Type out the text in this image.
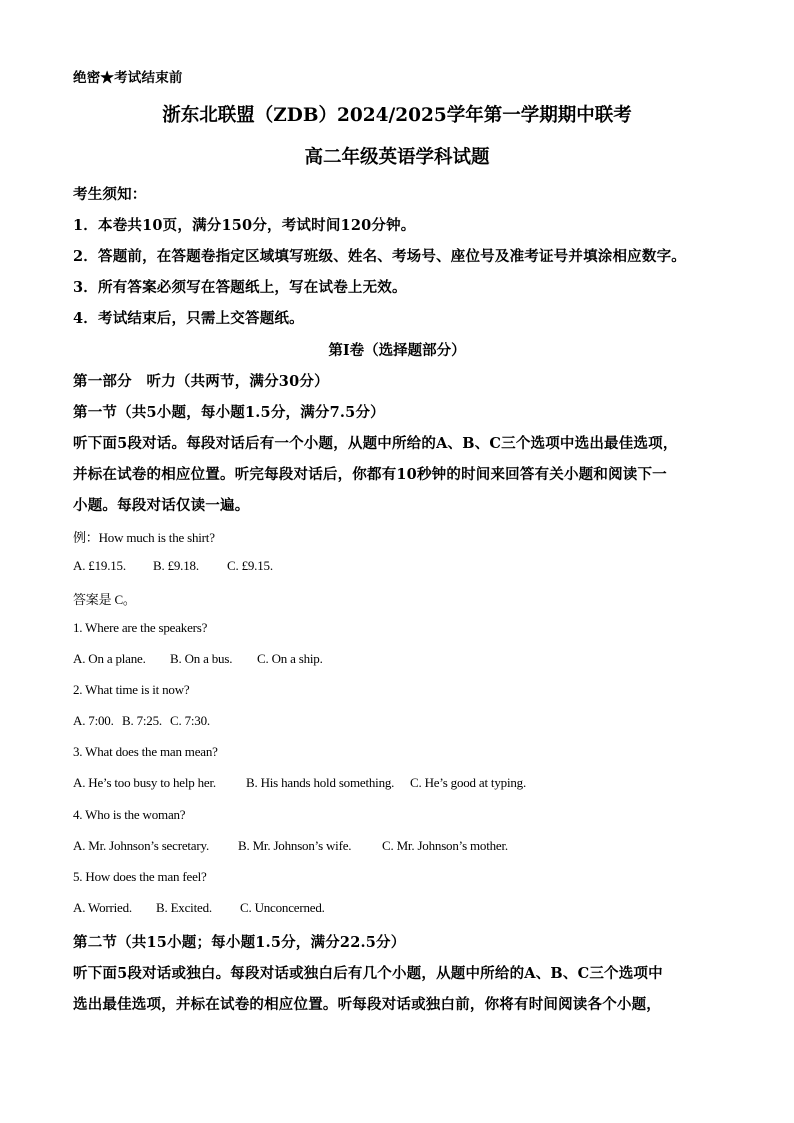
绝密★考试结束前
浙东北联盟（ZDB）2024/2025学年第一学期期中联考
高二年级英语学科试题
考生须知：
1．本卷共10页，满分150分，考试时间120分钟。
2．答题前，在答题卷指定区域填写班级、姓名、考场号、座位号及准考证号并填涂相应数字。
3．所有答案必须写在答题纸上，写在试卷上无效。
4．考试结束后，只需上交答题纸。
第I卷（选择题部分）
第一部分　听力（共两节，满分30分）
第一节（共5小题，每小题1.5分，满分7.5分）
听下面5段对话。每段对话后有一个小题，从题中所给的A、B、C三个选项中选出最佳选项，
并标在试卷的相应位置。听完每段对话后，你都有10秒钟的时间来回答有关小题和阅读下一
小题。每段对话仅读一遍。
例：How much is the shirt?
A. £19.15. B. £9.18. C. £9.15.
答案是 C。
1. Where are the speakers?
A. On a plane. B. On a bus. C. On a ship.
2. What time is it now?
A. 7:00. B. 7:25. C. 7:30.
3. What does the man mean?
A. He’s too busy to help her. B. His hands hold something. C. He’s good at typing.
4. Who is the woman?
A. Mr. Johnson’s secretary. B. Mr. Johnson’s wife. C. Mr. Johnson’s mother.
5. How does the man feel?
A. Worried. B. Excited. C. Unconcerned.
第二节（共15小题；每小题1.5分，满分22.5分）
听下面5段对话或独白。每段对话或独白后有几个小题，从题中所给的A、B、C三个选项中
选出最佳选项，并标在试卷的相应位置。听每段对话或独白前，你将有时间阅读各个小题，
